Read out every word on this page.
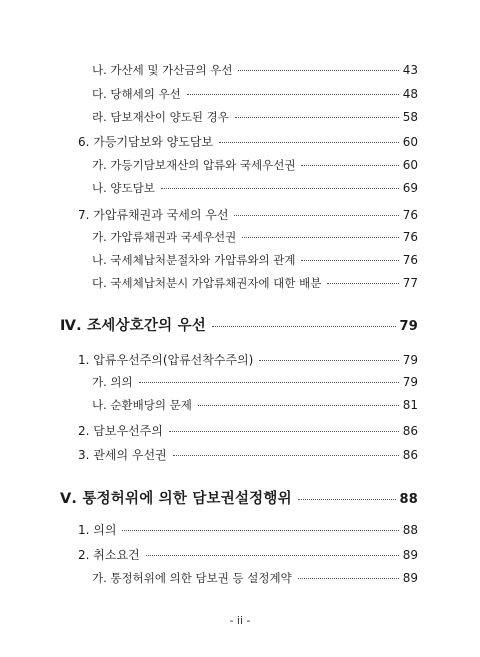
나. 가산세 및 가산금의 우선	43
다. 당해세의 우선	48
라. 담보재산이 양도된 경우	58
6. 가등기담보와 양도담보	60
가. 가등기담보재산의 압류와 국세우선권	60
나. 양도담보	69
7. 가압류채권과 국세의 우선	76
가. 가압류채권과 국세우선권	76
나. 국세체납처분절차와 가압류와의 관계	76
다. 국세체납처분시 가압류채권자에 대한 배분	77
Ⅳ. 조세상호간의 우선	79
1. 압류우선주의(압류선착수주의)	79
가. 의의	79
나. 순환배당의 문제	81
2. 담보우선주의	86
3. 관세의 우선권	86
Ⅴ. 통정허위에 의한 담보권설정행위	88
1. 의의	88
2. 취소요건	89
가. 통정허위에 의한 담보권 등 설정계약	89
- ii -
